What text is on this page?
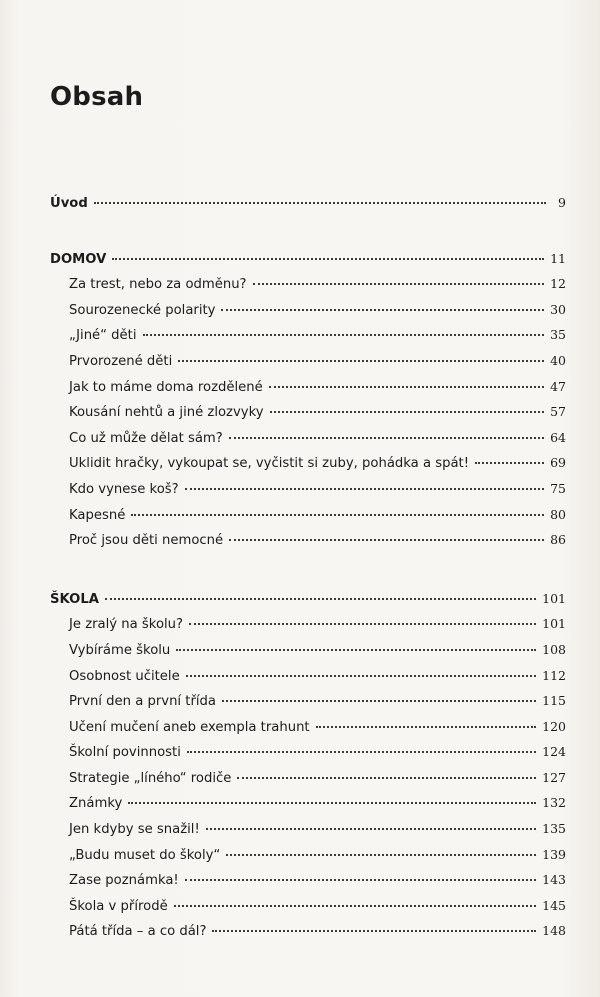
Obsah
Úvod	9
DOMOV	11
Za trest, nebo za odměnu?	12
Sourozenecké polarity	30
„Jiné“ děti	35
Prvorozené děti	40
Jak to máme doma rozdělené	47
Kousání nehtů a jiné zlozvyky	57
Co už může dělat sám?	64
Uklidit hračky, vykoupat se, vyčistit si zuby, pohádka a spát!	69
Kdo vynese koš?	75
Kapesné	80
Proč jsou děti nemocné	86
ŠKOLA	101
Je zralý na školu?	101
Vybíráme školu	108
Osobnost učitele	112
První den a první třída	115
Učení mučení aneb exempla trahunt	120
Školní povinnosti	124
Strategie „líného“ rodiče	127
Známky	132
Jen kdyby se snažil!	135
„Budu muset do školy“	139
Zase poznámka!	143
Škola v přírodě	145
Pátá třída – a co dál?	148
